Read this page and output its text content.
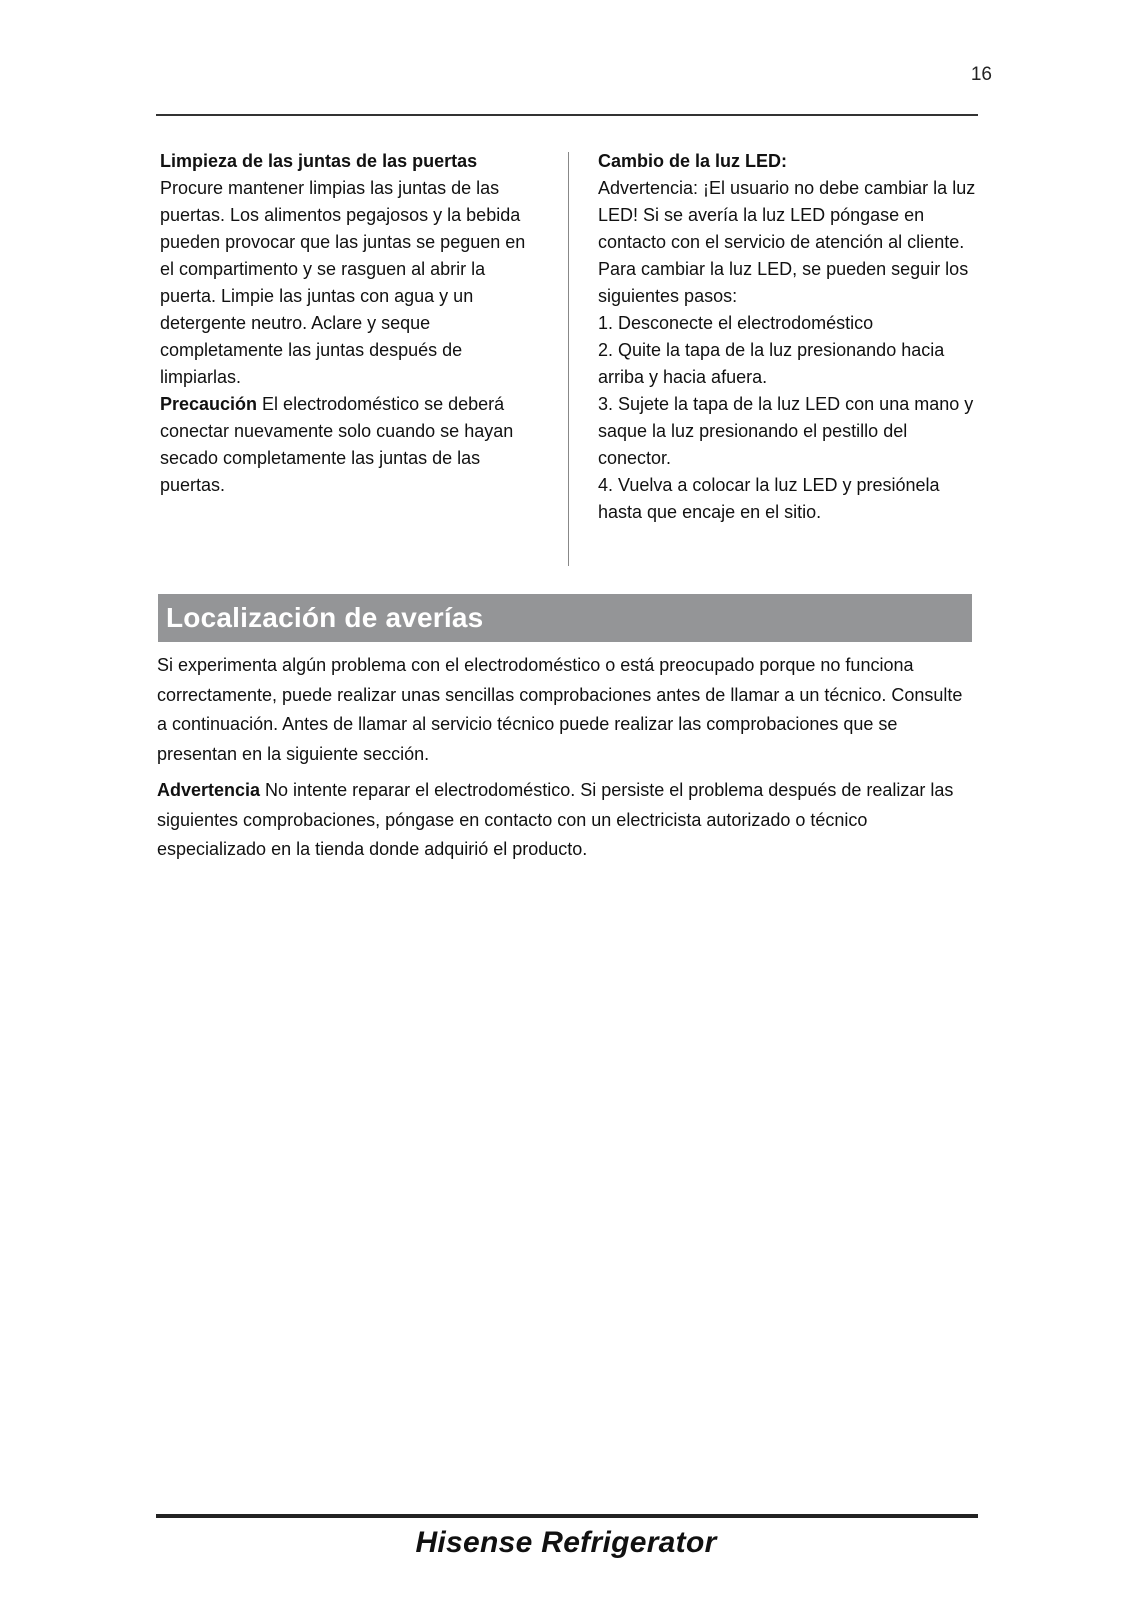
16

Limpieza de las juntas de las puertas

Procure mantener limpias las juntas de las puertas. Los alimentos pegajosos y la bebida pueden provocar que las juntas se peguen en el compartimento y se rasguen al abrir la puerta. Limpie las juntas con agua y un detergente neutro. Aclare y seque completamente las juntas después de limpiarlas.

Precaución El electrodoméstico se deberá conectar nuevamente solo cuando se hayan secado completamente las juntas de las puertas.

Cambio de la luz LED:

Advertencia: ¡El usuario no debe cambiar la luz LED! Si se avería la luz LED póngase en contacto con el servicio de atención al cliente. Para cambiar la luz LED, se pueden seguir los siguientes pasos:

1. Desconecte el electrodoméstico

2. Quite la tapa de la luz presionando hacia arriba y hacia afuera.

3. Sujete la tapa de la luz LED con una mano y saque la luz presionando el pestillo del conector.

4. Vuelva a colocar la luz LED y presiónela hasta que encaje en el sitio.

Localización de averías

Si experimenta algún problema con el electrodoméstico o está preocupado porque no funciona correctamente, puede realizar unas sencillas comprobaciones antes de llamar a un técnico. Consulte a continuación. Antes de llamar al servicio técnico puede realizar las comprobaciones que se presentan en la siguiente sección.

Advertencia No intente reparar el electrodoméstico. Si persiste el problema después de realizar las siguientes comprobaciones, póngase en contacto con un electricista autorizado o técnico especializado en la tienda donde adquirió el producto.

Hisense Refrigerator
